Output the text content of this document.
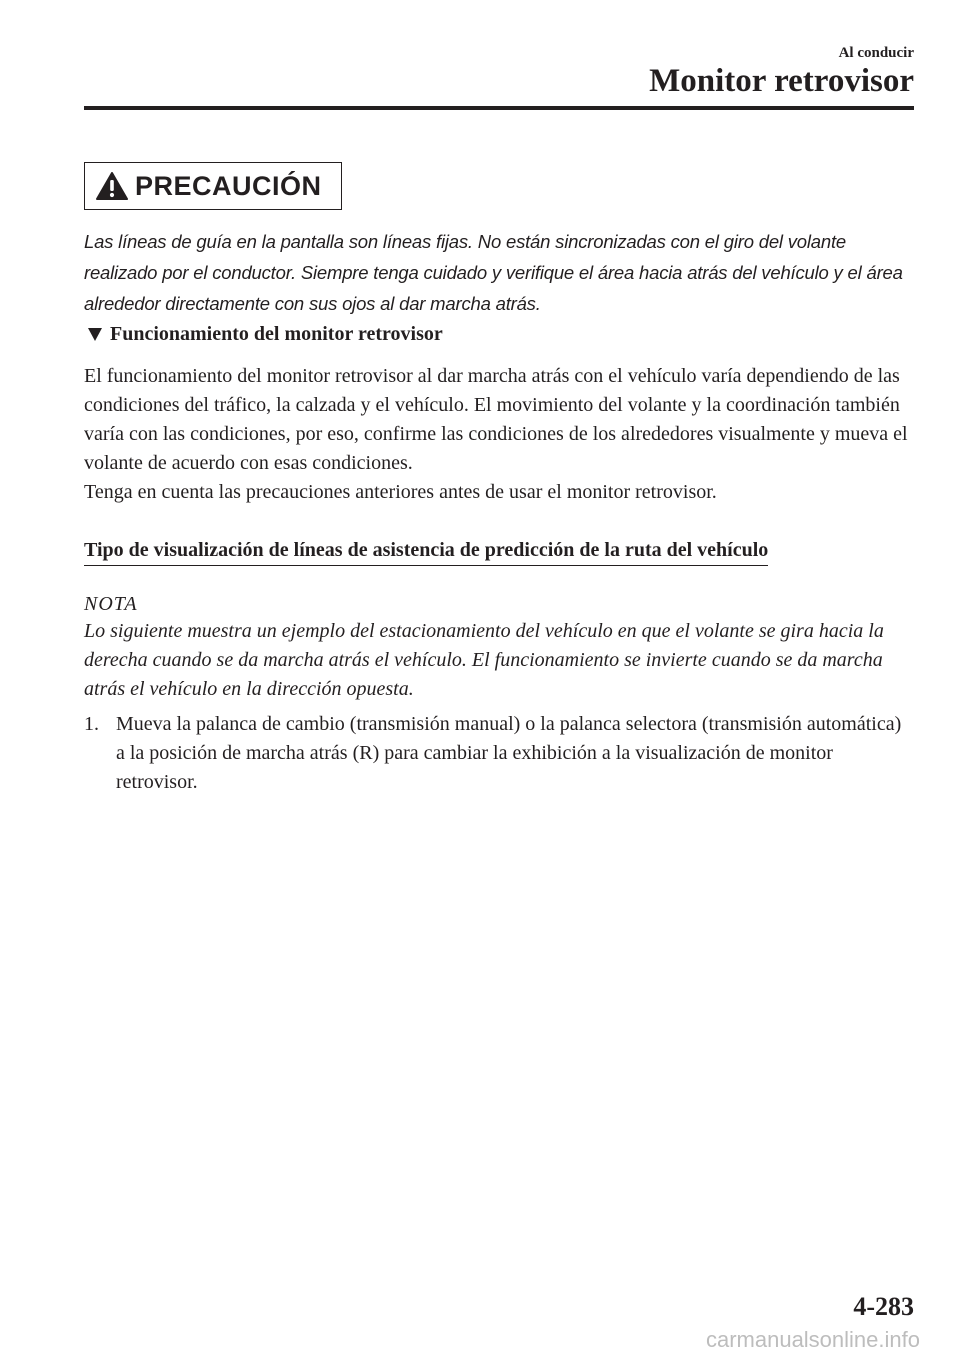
Al conducir
Monitor retrovisor
PRECAUCIÓN
Las líneas de guía en la pantalla son líneas fijas. No están sincronizadas con el giro del volante realizado por el conductor. Siempre tenga cuidado y verifique el área hacia atrás del vehículo y el área alrededor directamente con sus ojos al dar marcha atrás.
Funcionamiento del monitor retrovisor

El funcionamiento del monitor retrovisor al dar marcha atrás con el vehículo varía dependiendo de las condiciones del tráfico, la calzada y el vehículo. El movimiento del volante y la coordinación también varía con las condiciones, por eso, confirme las condiciones de los alrededores visualmente y mueva el volante de acuerdo con esas condiciones.

Tenga en cuenta las precauciones anteriores antes de usar el monitor retrovisor.

Tipo de visualización de líneas de asistencia de predicción de la ruta del vehículo
NOTA
Lo siguiente muestra un ejemplo del estacionamiento del vehículo en que el volante se gira hacia la derecha cuando se da marcha atrás el vehículo. El funcionamiento se invierte cuando se da marcha atrás el vehículo en la dirección opuesta.
1. Mueva la palanca de cambio (transmisión manual) o la palanca selectora (transmisión automática) a la posición de marcha atrás (R) para cambiar la exhibición a la visualización de monitor retrovisor.
4-283
carmanualsonline.info
